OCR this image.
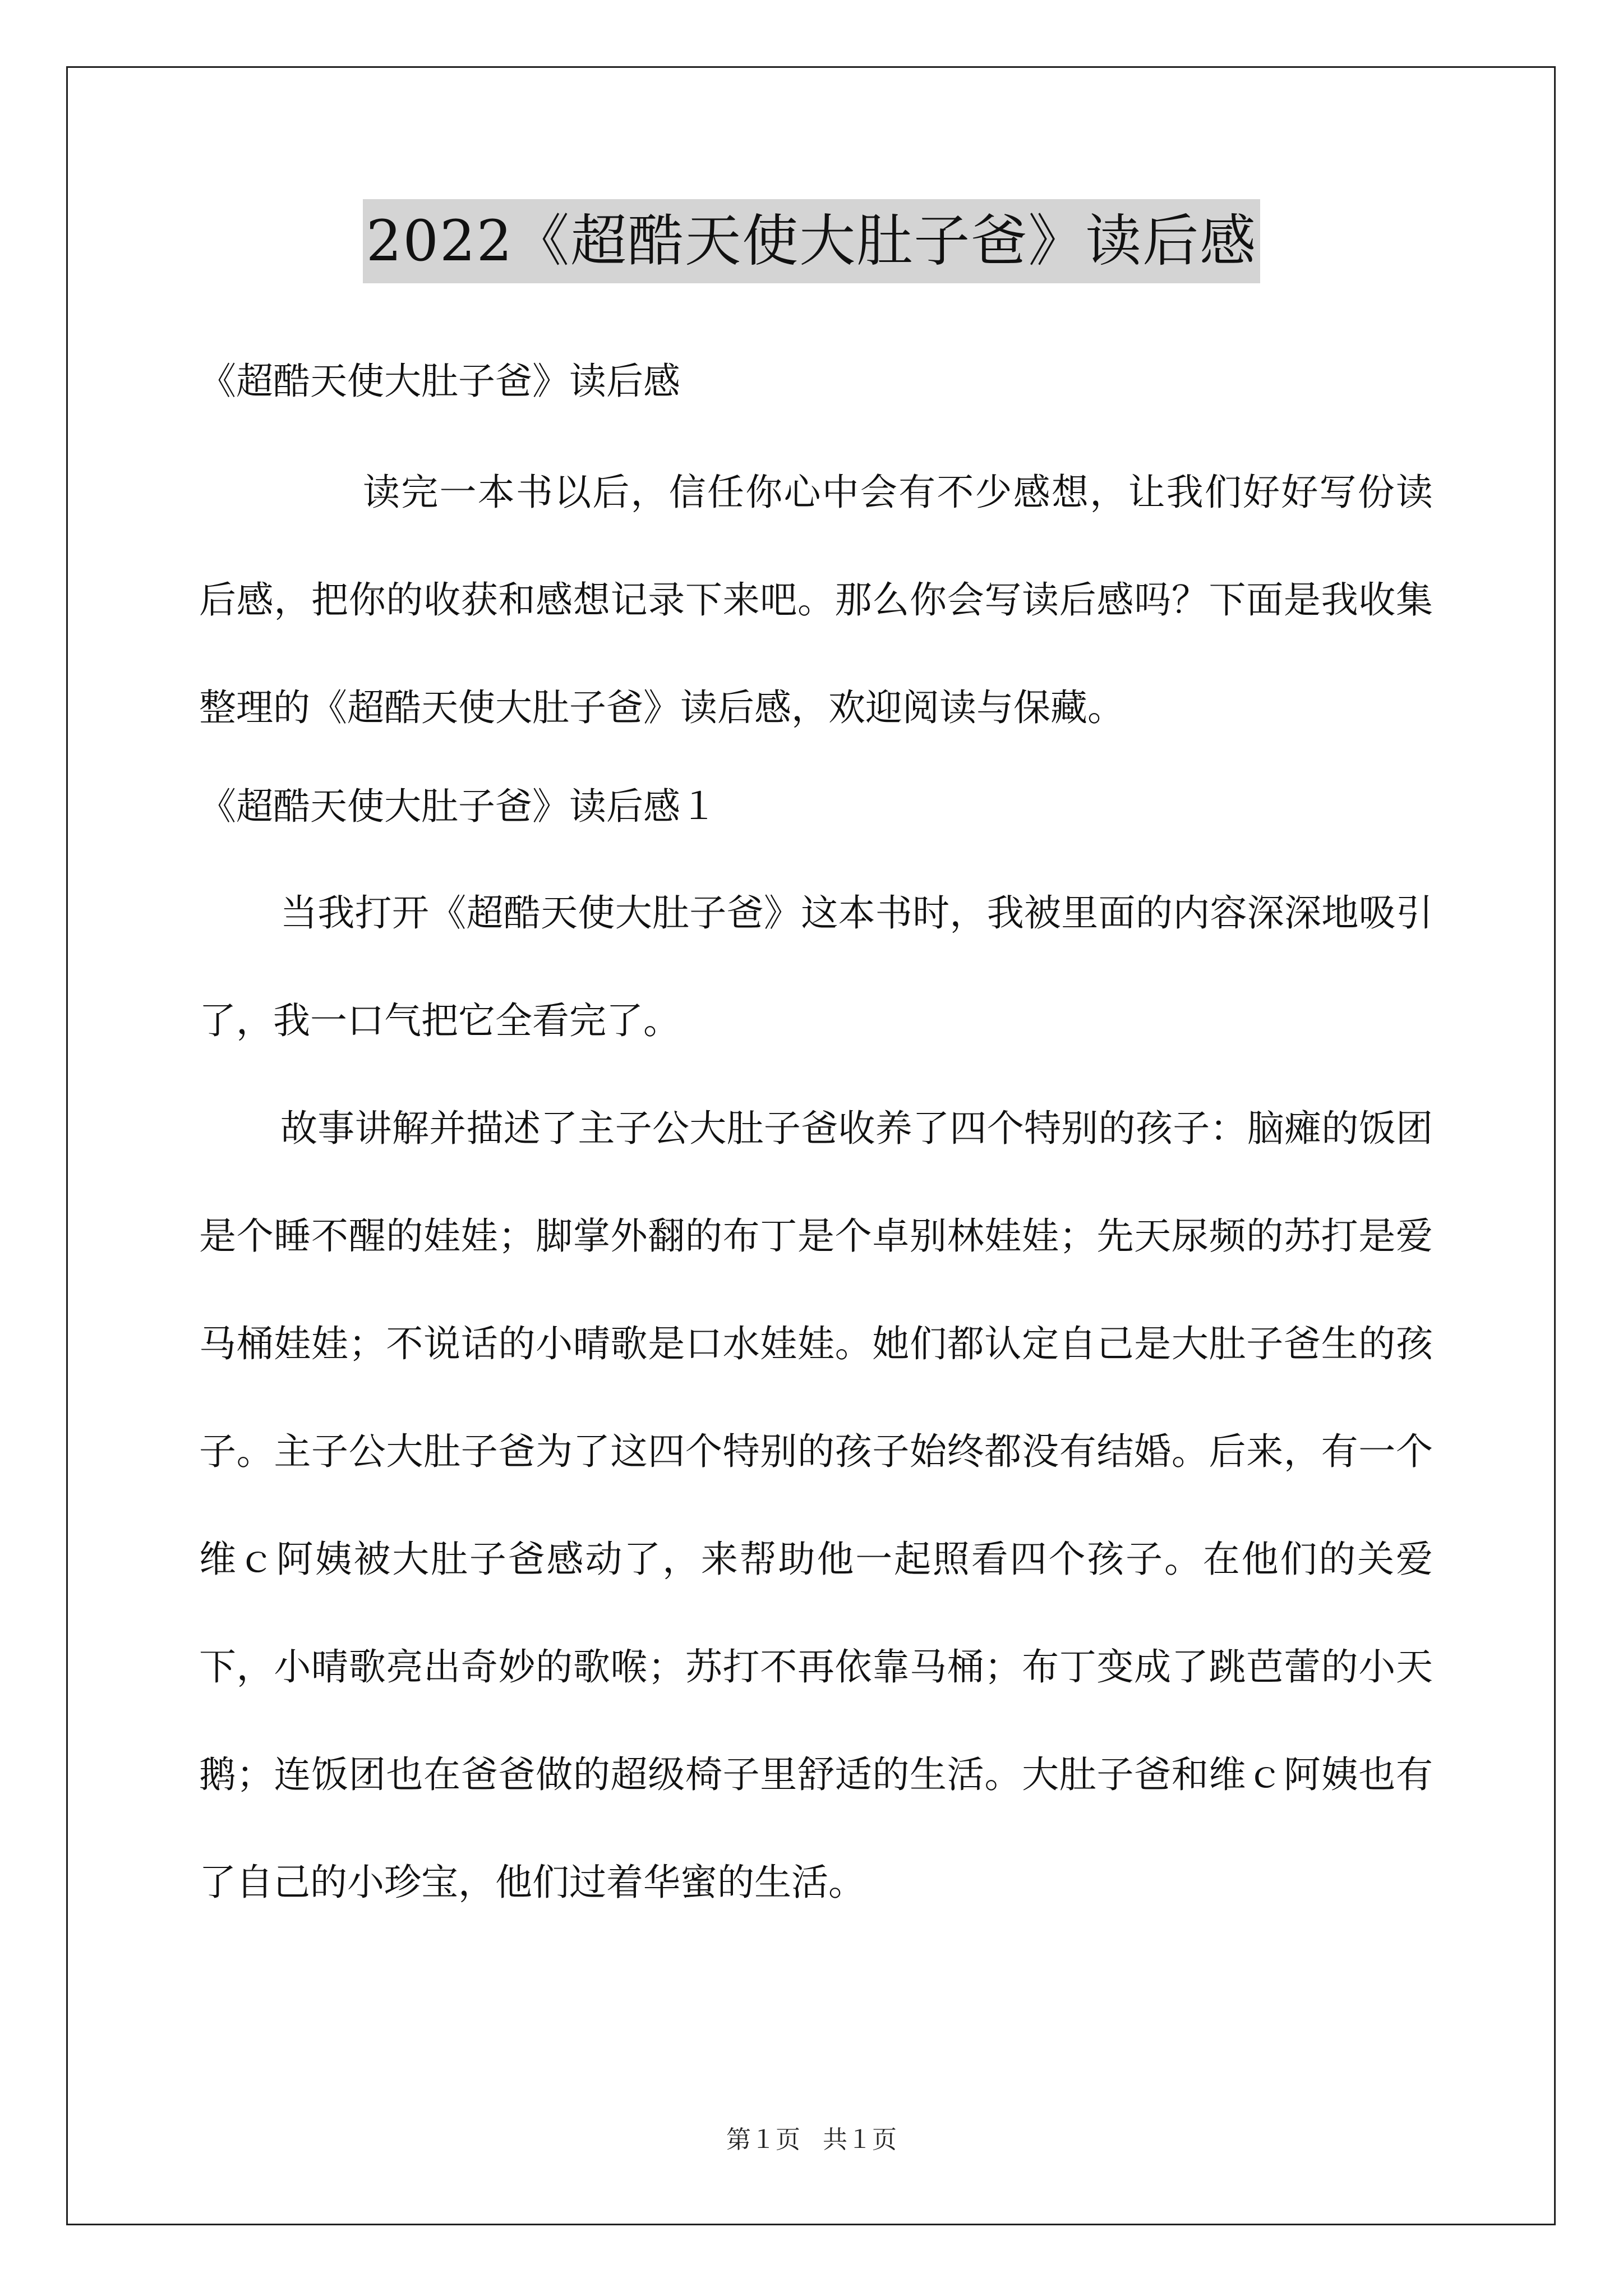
2022《超酷天使大肚子爸》读后感
《超酷天使大肚子爸》读后感

读完一本书以后，信任你心中会有不少感想，让我们好好写份读后感，把你的收获和感想记录下来吧。那么你会写读后感吗？下面是我收集整理的《超酷天使大肚子爸》读后感，欢迎阅读与保藏。

《超酷天使大肚子爸》读后感１

当我打开《超酷天使大肚子爸》这本书时，我被里面的内容深深地吸引了，我一口气把它全看完了。

故事讲解并描述了主子公大肚子爸收养了四个特别的孩子：脑瘫的饭团是个睡不醒的娃娃；脚掌外翻的布丁是个卓别林娃娃；先天尿频的苏打是爱马桶娃娃；不说话的小晴歌是口水娃娃。她们都认定自己是大肚子爸生的孩子。主子公大肚子爸为了这四个特别的孩子始终都没有结婚。后来，有一个维ｃ阿姨被大肚子爸感动了，来帮助他一起照看四个孩子。在他们的关爱下，小晴歌亮出奇妙的歌喉；苏打不再依靠马桶；布丁变成了跳芭蕾的小天鹅；连饭团也在爸爸做的超级椅子里舒适的生活。大肚子爸和维ｃ阿姨也有了自己的小珍宝，他们过着华蜜的生活。

第１页 共１页
